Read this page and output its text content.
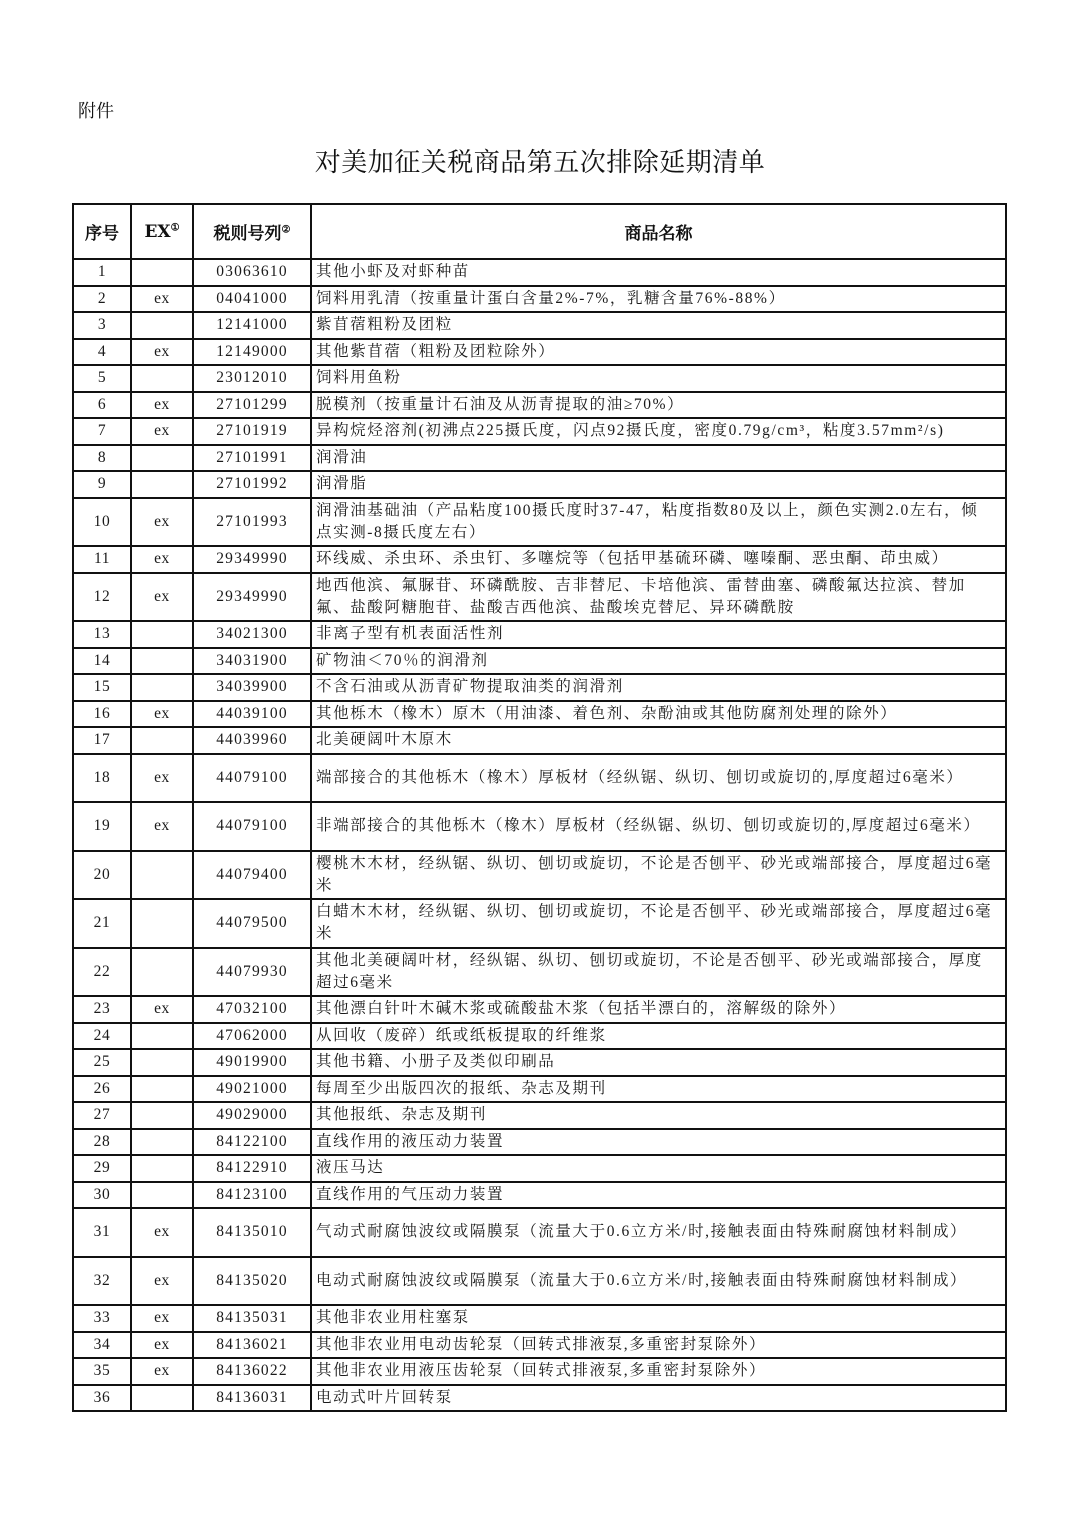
附件
对美加征关税商品第五次排除延期清单
序号	EX①	税则号列②	商品名称
1		03063610	其他小虾及对虾种苗
2	ex	04041000	饲料用乳清（按重量计蛋白含量2%-7%，乳糖含量76%-88%）
3		12141000	紫苜蓿粗粉及团粒
4	ex	12149000	其他紫苜蓿（粗粉及团粒除外）
5		23012010	饲料用鱼粉
6	ex	27101299	脱模剂（按重量计石油及从沥青提取的油≥70%）
7	ex	27101919	异构烷烃溶剂(初沸点225摄氏度，闪点92摄氏度，密度0.79g/cm³，粘度3.57mm²/s)
8		27101991	润滑油
9		27101992	润滑脂
10	ex	27101993	润滑油基础油（产品粘度100摄氏度时37-47，粘度指数80及以上，颜色实测2.0左右，倾点实测-8摄氏度左右）
11	ex	29349990	环线威、杀虫环、杀虫钉、多噻烷等（包括甲基硫环磷、噻嗪酮、恶虫酮、茚虫威）
12	ex	29349990	地西他滨、氟脲苷、环磷酰胺、吉非替尼、卡培他滨、雷替曲塞、磷酸氟达拉滨、替加氟、盐酸阿糖胞苷、盐酸吉西他滨、盐酸埃克替尼、异环磷酰胺
13		34021300	非离子型有机表面活性剂
14		34031900	矿物油＜70％的润滑剂
15		34039900	不含石油或从沥青矿物提取油类的润滑剂
16	ex	44039100	其他栎木（橡木）原木（用油漆、着色剂、杂酚油或其他防腐剂处理的除外）
17		44039960	北美硬阔叶木原木
18	ex	44079100	端部接合的其他栎木（橡木）厚板材（经纵锯、纵切、刨切或旋切的,厚度超过6毫米）
19	ex	44079100	非端部接合的其他栎木（橡木）厚板材（经纵锯、纵切、刨切或旋切的,厚度超过6毫米）
20		44079400	樱桃木木材，经纵锯、纵切、刨切或旋切，不论是否刨平、砂光或端部接合，厚度超过6毫米
21		44079500	白蜡木木材，经纵锯、纵切、刨切或旋切，不论是否刨平、砂光或端部接合，厚度超过6毫米
22		44079930	其他北美硬阔叶材，经纵锯、纵切、刨切或旋切，不论是否刨平、砂光或端部接合，厚度超过6毫米
23	ex	47032100	其他漂白针叶木碱木浆或硫酸盐木浆（包括半漂白的，溶解级的除外）
24		47062000	从回收（废碎）纸或纸板提取的纤维浆
25		49019900	其他书籍、小册子及类似印刷品
26		49021000	每周至少出版四次的报纸、杂志及期刊
27		49029000	其他报纸、杂志及期刊
28		84122100	直线作用的液压动力装置
29		84122910	液压马达
30		84123100	直线作用的气压动力装置
31	ex	84135010	气动式耐腐蚀波纹或隔膜泵（流量大于0.6立方米/时,接触表面由特殊耐腐蚀材料制成）
32	ex	84135020	电动式耐腐蚀波纹或隔膜泵（流量大于0.6立方米/时,接触表面由特殊耐腐蚀材料制成）
33	ex	84135031	其他非农业用柱塞泵
34	ex	84136021	其他非农业用电动齿轮泵（回转式排液泵,多重密封泵除外）
35	ex	84136022	其他非农业用液压齿轮泵（回转式排液泵,多重密封泵除外）
36		84136031	电动式叶片回转泵
